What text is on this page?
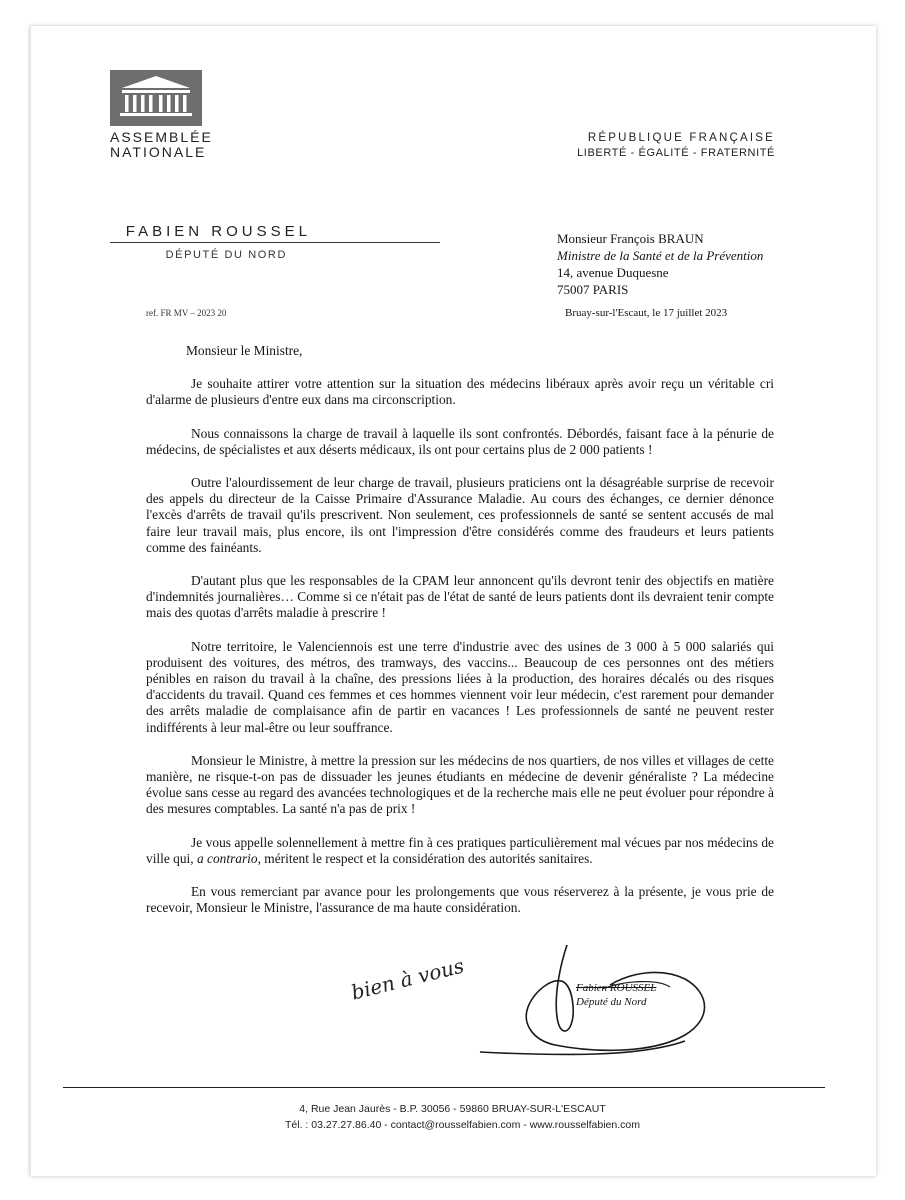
ASSEMBLÉE
NATIONALE
RÉPUBLIQUE FRANÇAISE
LIBERTÉ - ÉGALITÉ - FRATERNITÉ
FABIEN ROUSSEL
DÉPUTÉ DU NORD
Monsieur François BRAUN
Ministre de la Santé et de la Prévention
14, avenue Duquesne
75007 PARIS
ref. FR MV – 2023 20	Bruay-sur-l'Escaut, le 17 juillet 2023

Monsieur le Ministre,

Je souhaite attirer votre attention sur la situation des médecins libéraux après avoir reçu un véritable cri d'alarme de plusieurs d'entre eux dans ma circonscription.

Nous connaissons la charge de travail à laquelle ils sont confrontés. Débordés, faisant face à la pénurie de médecins, de spécialistes et aux déserts médicaux, ils ont pour certains plus de 2 000 patients !

Outre l'alourdissement de leur charge de travail, plusieurs praticiens ont la désagréable surprise de recevoir des appels du directeur de la Caisse Primaire d'Assurance Maladie. Au cours des échanges, ce dernier dénonce l'excès d'arrêts de travail qu'ils prescrivent. Non seulement, ces professionnels de santé se sentent accusés de mal faire leur travail mais, plus encore, ils ont l'impression d'être considérés comme des fraudeurs et leurs patients comme des fainéants.

D'autant plus que les responsables de la CPAM leur annoncent qu'ils devront tenir des objectifs en matière d'indemnités journalières… Comme si ce n'était pas de l'état de santé de leurs patients dont ils devraient tenir compte mais des quotas d'arrêts maladie à prescrire !

Notre territoire, le Valenciennois est une terre d'industrie avec des usines de 3 000 à 5 000 salariés qui produisent des voitures, des métros, des tramways, des vaccins... Beaucoup de ces personnes ont des métiers pénibles en raison du travail à la chaîne, des pressions liées à la production, des horaires décalés ou des risques d'accidents du travail. Quand ces femmes et ces hommes viennent voir leur médecin, c'est rarement pour demander des arrêts maladie de complaisance afin de partir en vacances ! Les professionnels de santé ne peuvent rester indifférents à leur mal-être ou leur souffrance.

Monsieur le Ministre, à mettre la pression sur les médecins de nos quartiers, de nos villes et villages de cette manière, ne risque-t-on pas de dissuader les jeunes étudiants en médecine de devenir généraliste ? La médecine évolue sans cesse au regard des avancées technologiques et de la recherche mais elle ne peut évoluer pour répondre à des mesures comptables. La santé n'a pas de prix !

Je vous appelle solennellement à mettre fin à ces pratiques particulièrement mal vécues par nos médecins de ville qui, a contrario, méritent le respect et la considération des autorités sanitaires.

En vous remerciant par avance pour les prolongements que vous réserverez à la présente, je vous prie de recevoir, Monsieur le Ministre, l'assurance de ma haute considération.

bien à vous	Fabien ROUSSEL
Député du Nord
4, Rue Jean Jaurès - B.P. 30056 - 59860 BRUAY-SUR-L'ESCAUT
Tél. : 03.27.27.86.40 - contact@rousselfabien.com - www.rousselfabien.com
